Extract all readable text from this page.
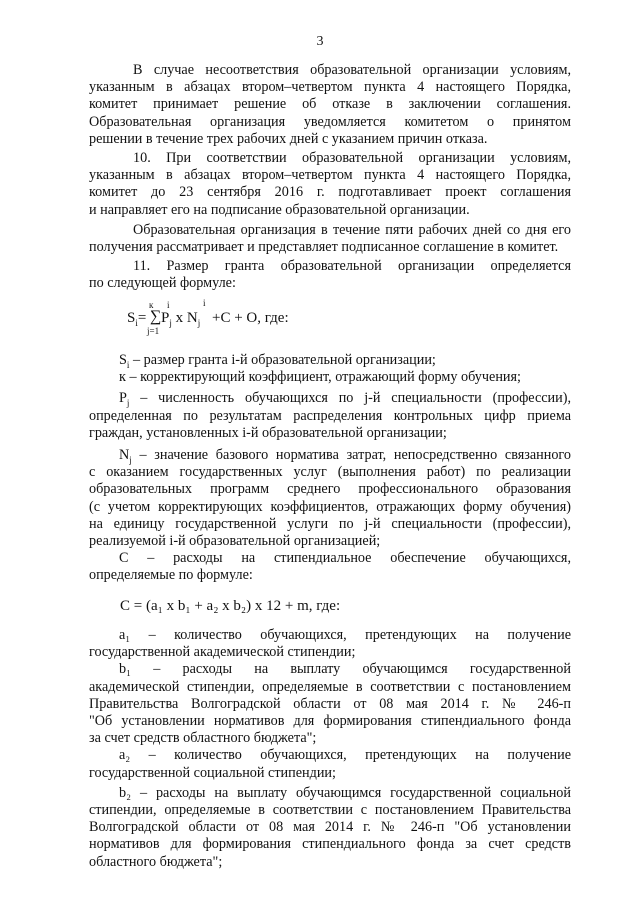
3

В случае несоответствия образовательной организации условиям,

указанным в абзацах втором–четвертом пункта 4 настоящего Порядка,

комитет принимает решение об отказе в заключении соглашения.

Образовательная организация уведомляется комитетом о принятом

решении в течение трех рабочих дней с указанием причин отказа.

10. При соответствии образовательной организации условиям,

указанным в абзацах втором–четвертом пункта 4 настоящего Порядка,

комитет до 23 сентября 2016 г. подготавливает проект соглашения

и направляет его на подписание образовательной организации.

Образовательная организация в течение пяти рабочих дней со дня его

получения рассматривает и представляет подписанное соглашение в комитет.

11. Размер гранта образовательной организации определяется

по следующей формуле:

$S_i=$ ∑
к
j=1
i
$P_j$ x $N_j$
i
+C + O, где:

$S_i$ – размер гранта i-й образовательной организации;

к – корректирующий коэффициент, отражающий форму обучения;

$P_j$ – численность обучающихся по j-й специальности (профессии),

определенная по результатам распределения контрольных цифр приема

граждан, установленных i-й образовательной организации;

$N_j$ – значение базового норматива затрат, непосредственно связанного

с оказанием государственных услуг (выполнения работ) по реализации

образовательных программ среднего профессионального образования

(с учетом корректирующих коэффициентов, отражающих форму обучения)

на единицу государственной услуги по j-й специальности (профессии),

реализуемой i-й образовательной организацией;

С – расходы на стипендиальное обеспечение обучающихся,

определяемые по формуле:

C = (a₁ x b₁ + a₂ x b₂) x 12 + m, где:

a₁ – количество обучающихся, претендующих на получение

государственной академической стипендии;

b₁ – расходы на выплату обучающимся государственной

академической стипендии, определяемые в соответствии с постановлением

Правительства Волгоградской области от 08 мая 2014 г. № 246-п

"Об установлении нормативов для формирования стипендиального фонда

за счет средств областного бюджета";

a₂ – количество обучающихся, претендующих на получение

государственной социальной стипендии;

b₂ – расходы на выплату обучающимся государственной социальной

стипендии, определяемые в соответствии с постановлением Правительства

Волгоградской области от 08 мая 2014 г. № 246-п "Об установлении

нормативов для формирования стипендиального фонда за счет средств

областного бюджета";
